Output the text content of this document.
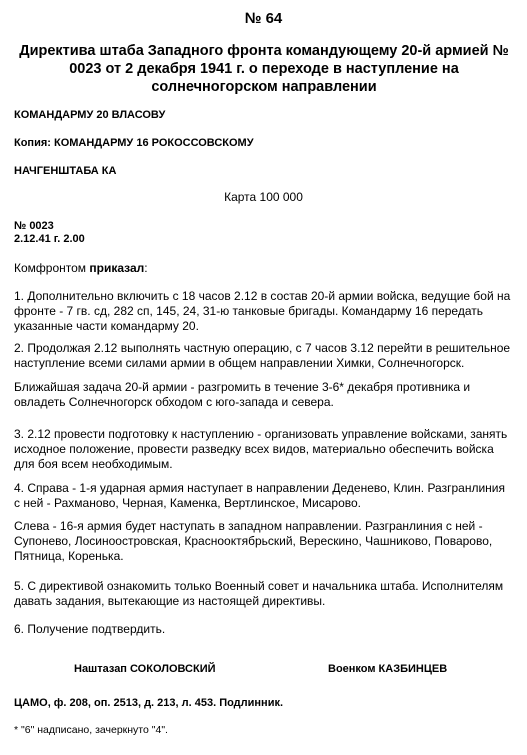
№ 64
Директива штаба Западного фронта командующему 20-й армией № 0023 от 2 декабря 1941 г. о переходе в наступление на солнечногорском направлении
КОМАНДАРМУ 20 ВЛАСОВУ
Копия: КОМАНДАРМУ 16 РОКОССОВСКОМУ
НАЧГЕНШТАБА КА
Карта 100 000
№ 0023
2.12.41 г. 2.00
Комфронтом приказал:
1. Дополнительно включить с 18 часов 2.12 в состав 20-й армии войска, ведущие бой на фронте - 7 гв. сд, 282 сп, 145, 24, 31-ю танковые бригады. Командарму 16 передать указанные части командарму 20.
2. Продолжая 2.12 выполнять частную операцию, с 7 часов 3.12 перейти в решительное наступление всеми силами армии в общем направлении Химки, Солнечногорск.
Ближайшая задача 20-й армии - разгромить в течение 3-6* декабря противника и овладеть Солнечногорск обходом с юго-запада и севера.
3. 2.12 провести подготовку к наступлению - организовать управление войсками, занять исходное положение, провести разведку всех видов, материально обеспечить войска для боя всем необходимым.
4. Справа - 1-я ударная армия наступает в направлении Деденево, Клин. Разгранлиния с ней - Рахманово, Черная, Каменка, Вертлинское, Мисарово.
Слева - 16-я армия будет наступать в западном направлении. Разгранлиния с ней - Супонево, Лосиноостровская, Краснооктябрьский, Верескино, Чашниково, Поварово, Пятница, Коренька.
5. С директивой ознакомить только Военный совет и начальника штаба. Исполнителям давать задания, вытекающие из настоящей директивы.
6. Получение подтвердить.
Наштазап СОКОЛОВСКИЙ	Военком КАЗБИНЦЕВ
ЦАМО, ф. 208, оп. 2513, д. 213, л. 453. Подлинник.
* "6" надписано, зачеркнуто "4".
